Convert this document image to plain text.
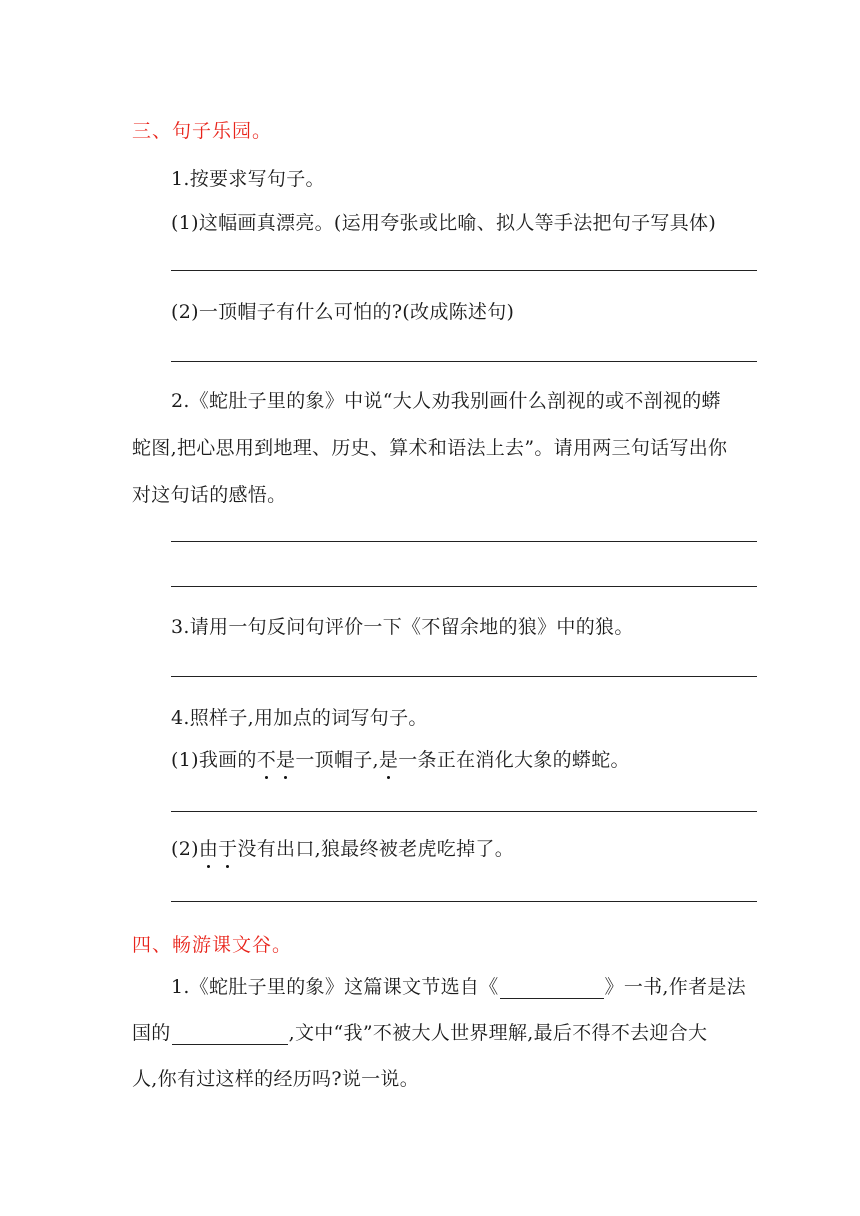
三、句子乐园。
1.按要求写句子。
(1)这幅画真漂亮。(运用夸张或比喻、拟人等手法把句子写具体)
(2)一顶帽子有什么可怕的?(改成陈述句)
2.《蛇肚子里的象》中说“大人劝我别画什么剖视的或不剖视的蟒
蛇图,把心思用到地理、历史、算术和语法上去”。请用两三句话写出你
对这句话的感悟。
3.请用一句反问句评价一下《不留余地的狼》中的狼。
4.照样子,用加点的词写句子。
(1)我画的不是一顶帽子,是一条正在消化大象的蟒蛇。
(2)由于没有出口,狼最终被老虎吃掉了。
四、畅游课文谷。
1.《蛇肚子里的象》这篇课文节选自《	》一书,作者是法
国的	,文中“我”不被大人世界理解,最后不得不去迎合大
人,你有过这样的经历吗?说一说。
